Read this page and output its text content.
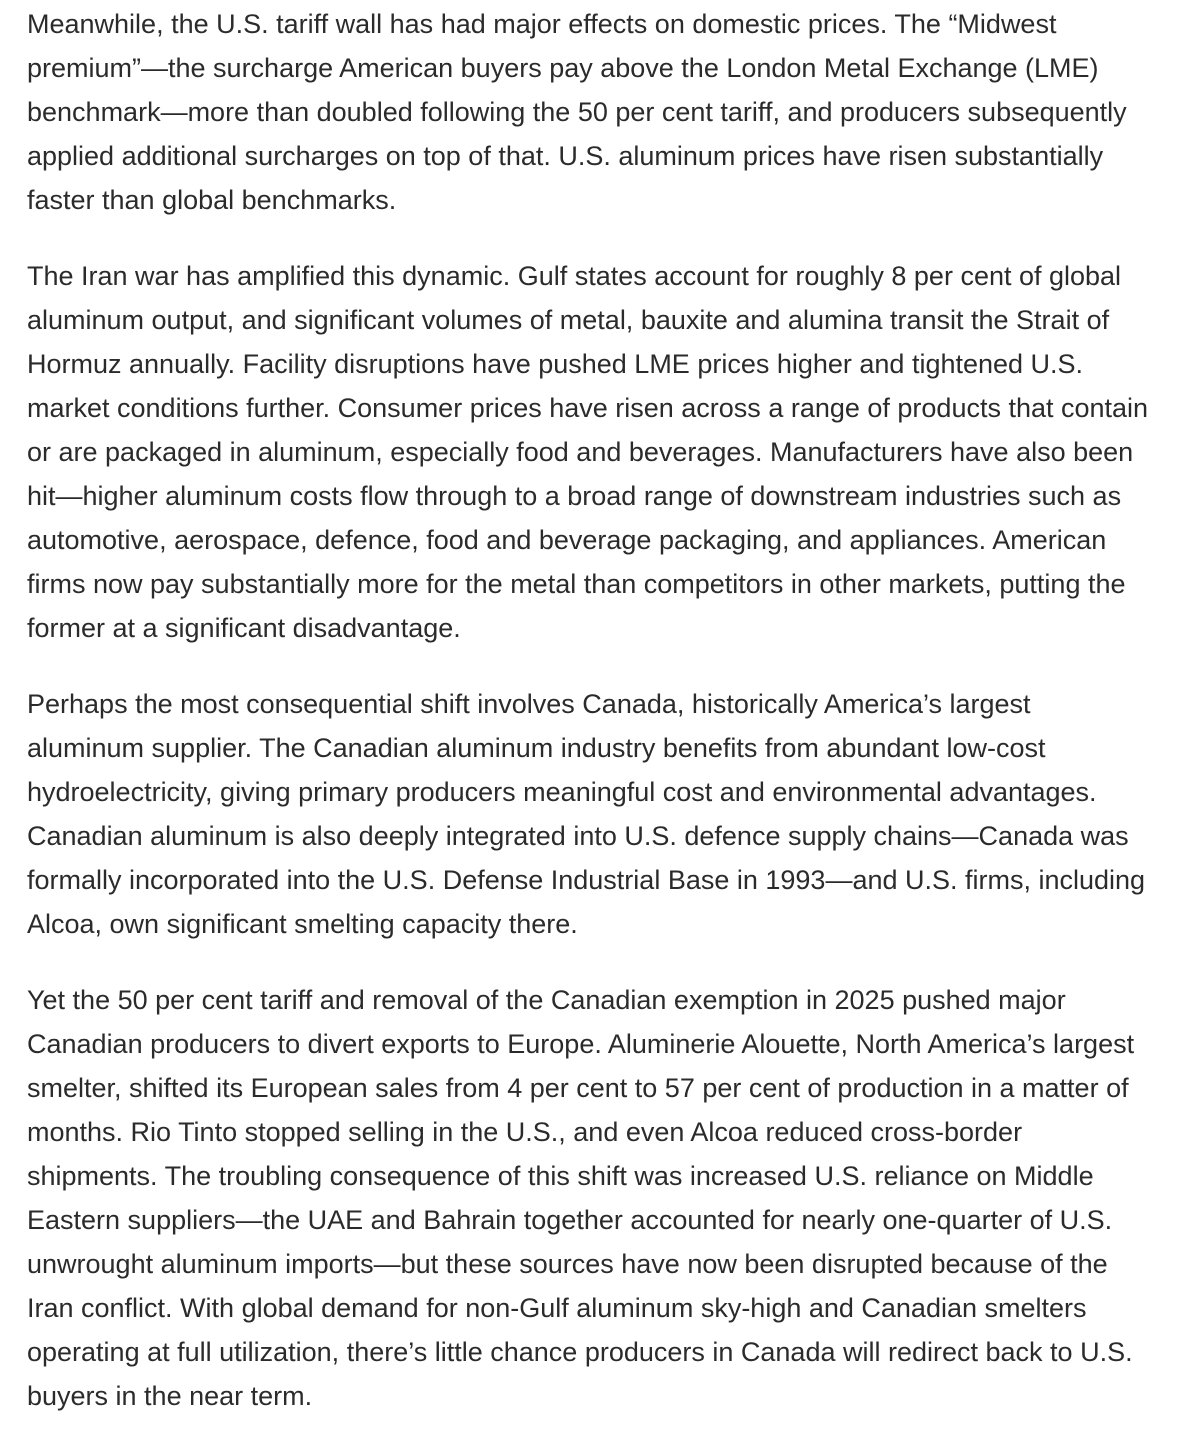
Meanwhile, the U.S. tariff wall has had major effects on domestic prices. The “Midwest premium”—the surcharge American buyers pay above the London Metal Exchange (LME) benchmark—more than doubled following the 50 per cent tariff, and producers subsequently applied additional surcharges on top of that. U.S. aluminum prices have risen substantially faster than global benchmarks.

The Iran war has amplified this dynamic. Gulf states account for roughly 8 per cent of global aluminum output, and significant volumes of metal, bauxite and alumina transit the Strait of Hormuz annually. Facility disruptions have pushed LME prices higher and tightened U.S. market conditions further. Consumer prices have risen across a range of products that contain or are packaged in aluminum, especially food and beverages. Manufacturers have also been hit—higher aluminum costs flow through to a broad range of downstream industries such as automotive, aerospace, defence, food and beverage packaging, and appliances. American firms now pay substantially more for the metal than competitors in other markets, putting the former at a significant disadvantage.

Perhaps the most consequential shift involves Canada, historically America’s largest aluminum supplier. The Canadian aluminum industry benefits from abundant low-cost hydroelectricity, giving primary producers meaningful cost and environmental advantages. Canadian aluminum is also deeply integrated into U.S. defence supply chains—Canada was formally incorporated into the U.S. Defense Industrial Base in 1993—and U.S. firms, including Alcoa, own significant smelting capacity there.

Yet the 50 per cent tariff and removal of the Canadian exemption in 2025 pushed major Canadian producers to divert exports to Europe. Aluminerie Alouette, North America’s largest smelter, shifted its European sales from 4 per cent to 57 per cent of production in a matter of months. Rio Tinto stopped selling in the U.S., and even Alcoa reduced cross-border shipments. The troubling consequence of this shift was increased U.S. reliance on Middle Eastern suppliers—the UAE and Bahrain together accounted for nearly one-quarter of U.S. unwrought aluminum imports—but these sources have now been disrupted because of the Iran conflict. With global demand for non-Gulf aluminum sky-high and Canadian smelters operating at full utilization, there’s little chance producers in Canada will redirect back to U.S. buyers in the near term.
